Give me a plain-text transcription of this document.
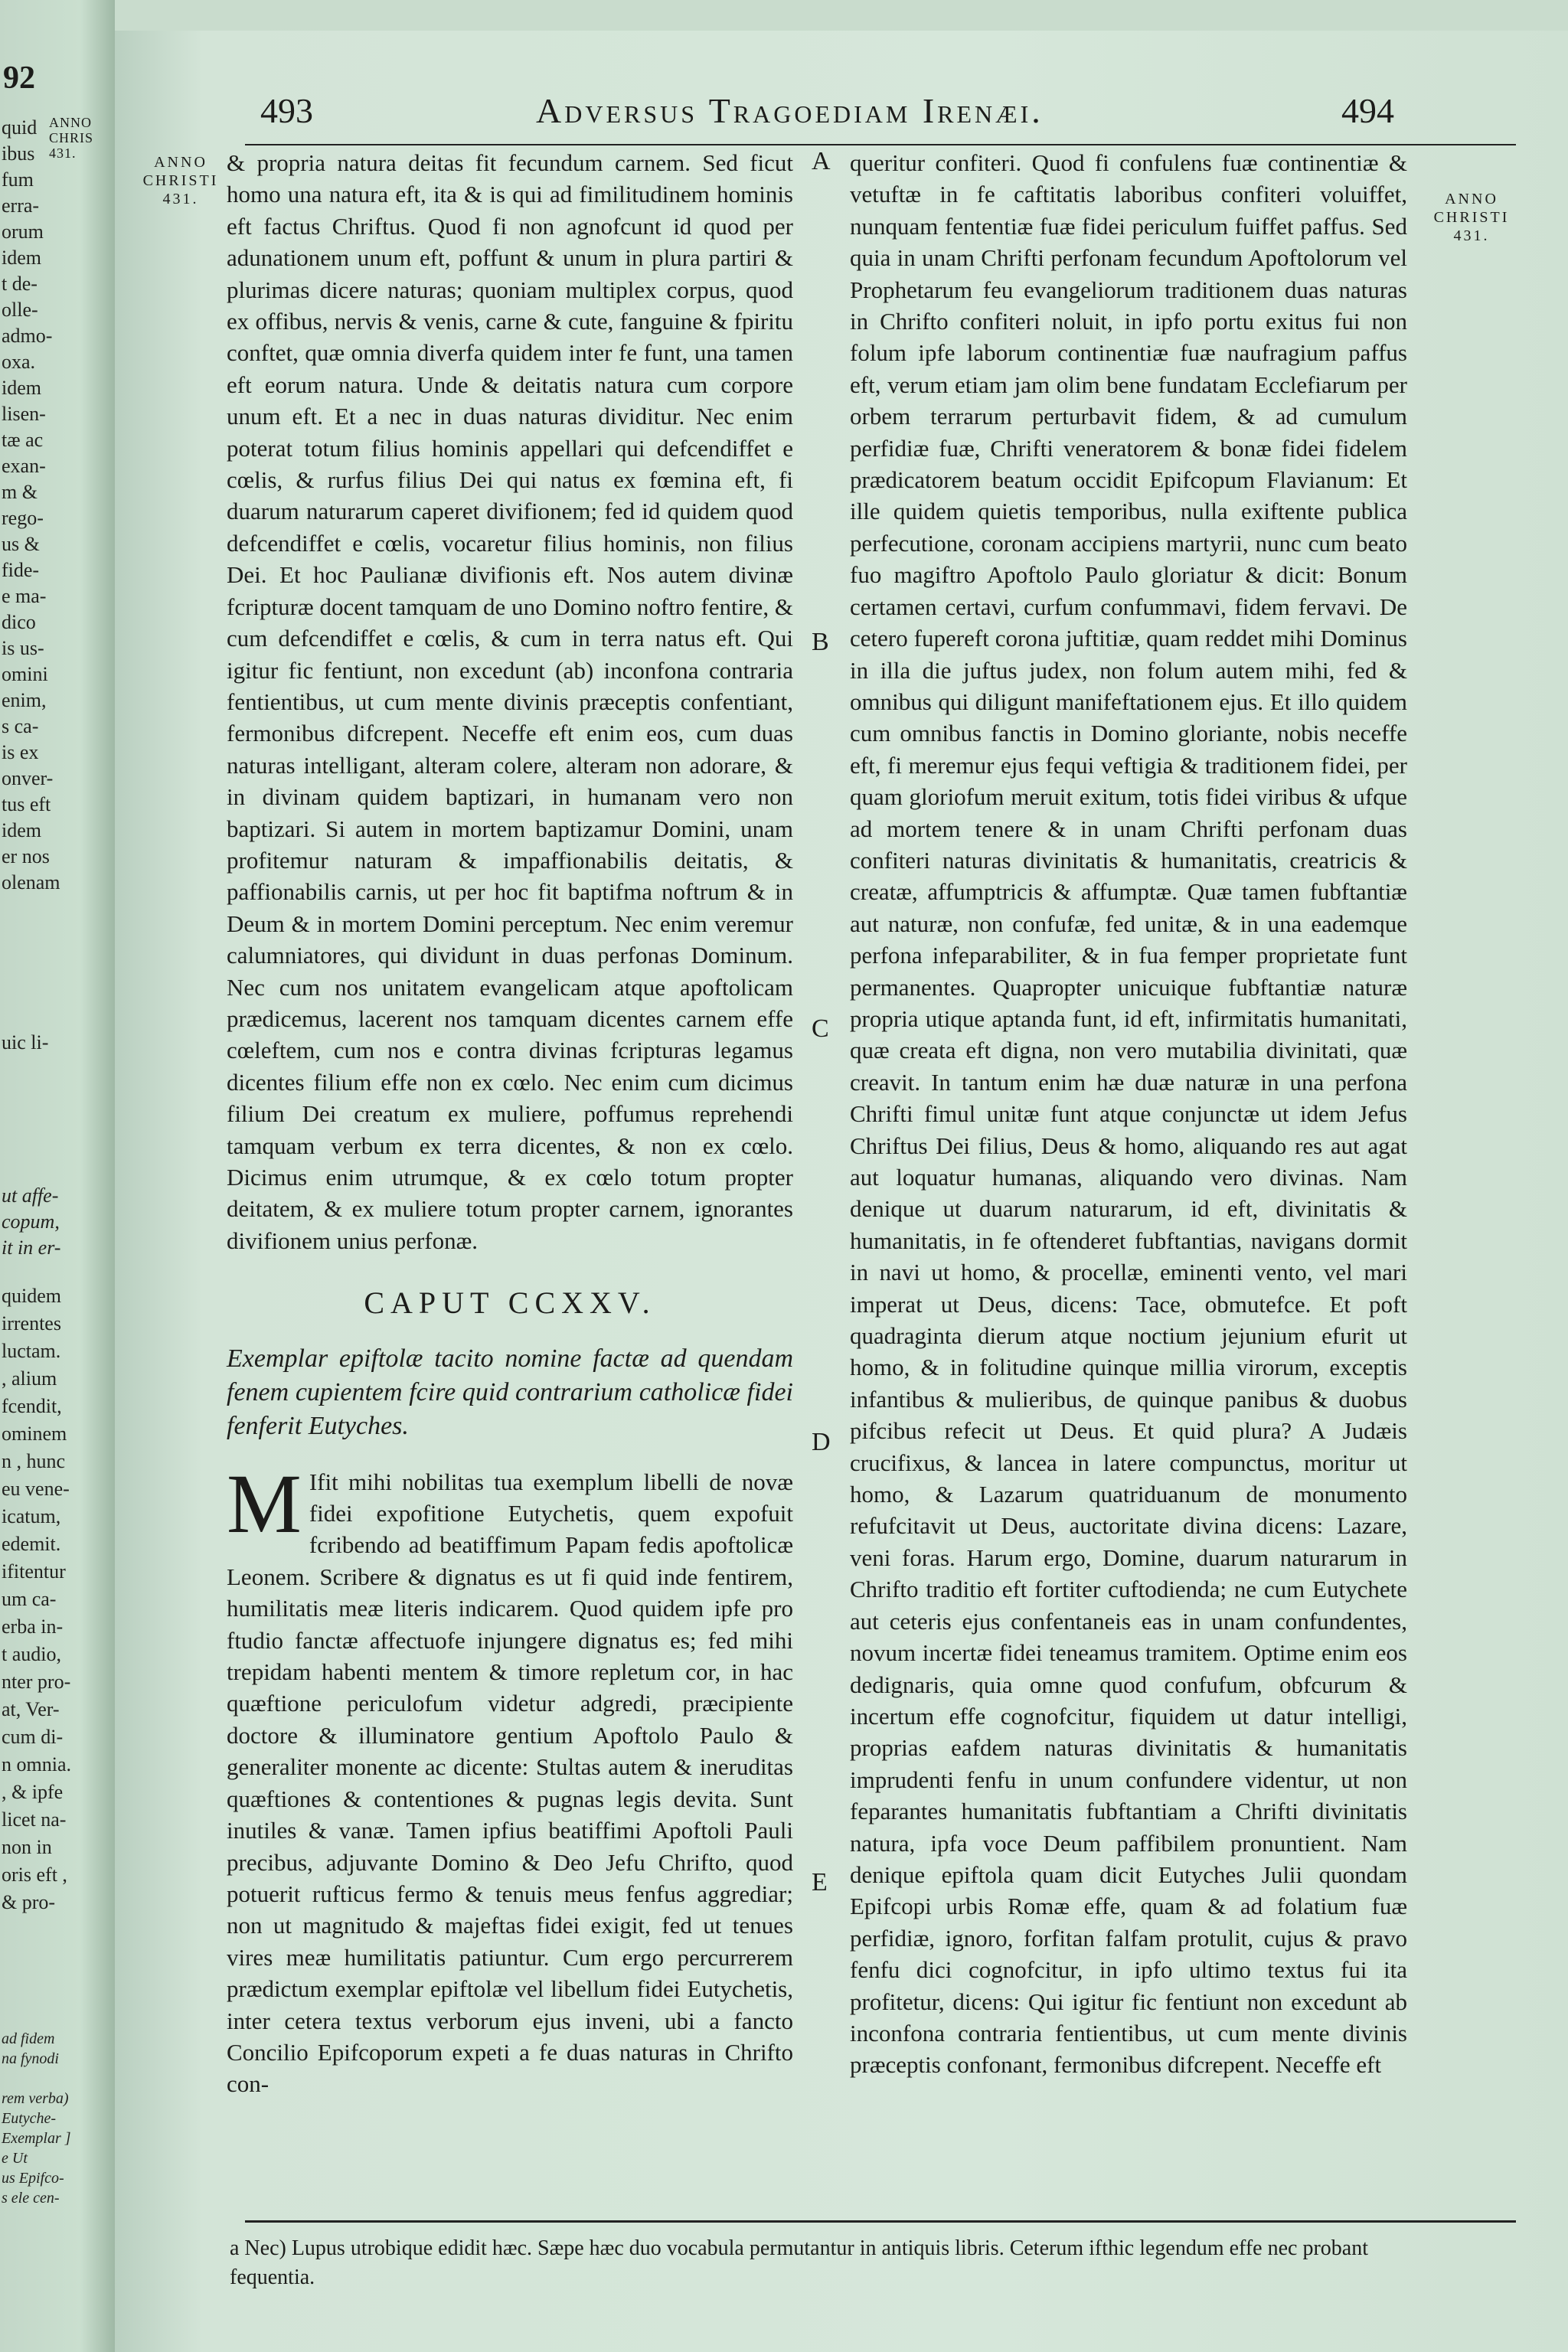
92
ANNO CHRIS 431.
quid
ibus
fum
erra-
orum
idem
t de-
olle-
admo-
oxa.
idem
lisen-
tæ ac
exan-
m &
rego-
us &
fide-
e ma-
dico
is us-
omini
enim,
s ca-
is ex
onver-
tus eft
idem
er nos
olenam
uic li-
ut affe-
copum,
it in er-
quidem
irrentes
luctam.
, alium
fcendit,
ominem
n , hunc
eu vene-
icatum,
edemit.
ifitentur
um ca-
erba in-
t audio,
nter pro-
at, Ver-
cum di-
n omnia.
, & ipfe
licet na-
non in
oris eft ,
& pro-
ad fidem
na fynodi

rem verba)
Eutyche-
Exemplar ]
e Ut
us Epifco-
s ele cen-
493	Adversus Tragoediam Irenæi.	494
ANNO CHRISTI 431.	ANNO CHRISTI 431.
A
B
C
D
E

& propria natura deitas fit fecundum carnem. Sed ficut homo una natura eft, ita & is qui ad fimilitudinem hominis eft factus Chriftus. Quod fi non agnofcunt id quod per adunationem unum eft, poffunt & unum in plura partiri & plurimas dicere naturas; quoniam multiplex corpus, quod ex offibus, nervis & venis, carne & cute, fanguine & fpiritu conftet, quæ omnia diverfa quidem inter fe funt, una tamen eft eorum natura. Unde & deitatis natura cum corpore unum eft. Et a nec in duas naturas dividitur. Nec enim poterat totum filius hominis appellari qui defcendiffet e cœlis, & rurfus filius Dei qui natus ex fœmina eft, fi duarum naturarum caperet divifionem; fed id quidem quod defcendiffet e cœlis, vocaretur filius hominis, non filius Dei. Et hoc Paulianæ divifionis eft. Nos autem divinæ fcripturæ docent tamquam de uno Domino noftro fentire, & cum defcendiffet e cœlis, & cum in terra natus eft. Qui igitur fic fentiunt, non excedunt (ab) inconfona contraria fentientibus, ut cum mente divinis præceptis confentiant, fermonibus difcrepent. Neceffe eft enim eos, cum duas naturas intelligant, alteram colere, alteram non adorare, & in divinam quidem baptizari, in humanam vero non baptizari. Si autem in mortem baptizamur Domini, unam profitemur naturam & impaffionabilis deitatis, & paffionabilis carnis, ut per hoc fit baptifma noftrum & in Deum & in mortem Domini perceptum. Nec enim veremur calumniatores, qui dividunt in duas perfonas Dominum. Nec cum nos unitatem evangelicam atque apoftolicam prædicemus, lacerent nos tamquam dicentes carnem effe cœleftem, cum nos e contra divinas fcripturas legamus dicentes filium effe non ex cœlo. Nec enim cum dicimus filium Dei creatum ex muliere, poffumus reprehendi tamquam verbum ex terra dicentes, & non ex cœlo. Dicimus enim utrumque, & ex cœlo totum propter deitatem, & ex muliere totum propter carnem, ignorantes divifionem unius perfonæ.

CAPUT CCXXV.
Exemplar epiftolæ tacito nomine factæ ad quendam fenem cupientem fcire quid contrarium catholicæ fidei fenferit Eutyches.

M Ifit mihi nobilitas tua exemplum libelli de novæ fidei expofitione Eutychetis, quem expofuit fcribendo ad beatiffimum Papam fedis apoftolicæ Leonem. Scribere & dignatus es ut fi quid inde fentirem, humilitatis meæ literis indicarem. Quod quidem ipfe pro ftudio fanctæ affectuofe injungere dignatus es; fed mihi trepidam habenti mentem & timore repletum cor, in hac quæftione periculofum videtur adgredi, præcipiente doctore & illuminatore gentium Apoftolo Paulo & generaliter monente ac dicente: Stultas autem & ineruditas quæftiones & contentiones & pugnas legis devita. Sunt inutiles & vanæ. Tamen ipfius beatiffimi Apoftoli Pauli precibus, adjuvante Domino & Deo Jefu Chrifto, quod potuerit rufticus fermo & tenuis meus fenfus aggrediar; non ut magnitudo & majeftas fidei exigit, fed ut tenues vires meæ humilitatis patiuntur. Cum ergo percurrerem prædictum exemplar epiftolæ vel libellum fidei Eutychetis, inter cetera textus verborum ejus inveni, ubi a fancto Concilio Epifcoporum expeti a fe duas naturas in Chrifto con-

queritur confiteri. Quod fi confulens fuæ continentiæ & vetuftæ in fe caftitatis laboribus confiteri voluiffet, nunquam fententiæ fuæ fidei periculum fuiffet paffus. Sed quia in unam Chrifti perfonam fecundum Apoftolorum vel Prophetarum feu evangeliorum traditionem duas naturas in Chrifto confiteri noluit, in ipfo portu exitus fui non folum ipfe laborum continentiæ fuæ naufragium paffus eft, verum etiam jam olim bene fundatam Ecclefiarum per orbem terrarum perturbavit fidem, & ad cumulum perfidiæ fuæ, Chrifti veneratorem & bonæ fidei fidelem prædicatorem beatum occidit Epifcopum Flavianum: Et ille quidem quietis temporibus, nulla exiftente publica perfecutione, coronam accipiens martyrii, nunc cum beato fuo magiftro Apoftolo Paulo gloriatur & dicit: Bonum certamen certavi, curfum confummavi, fidem fervavi. De cetero fupereft corona juftitiæ, quam reddet mihi Dominus in illa die juftus judex, non folum autem mihi, fed & omnibus qui diligunt manifeftationem ejus. Et illo quidem cum omnibus fanctis in Domino gloriante, nobis neceffe eft, fi meremur ejus fequi veftigia & traditionem fidei, per quam gloriofum meruit exitum, totis fidei viribus & ufque ad mortem tenere & in unam Chrifti perfonam duas confiteri naturas divinitatis & humanitatis, creatricis & creatæ, affumptricis & affumptæ. Quæ tamen fubftantiæ aut naturæ, non confufæ, fed unitæ, & in una eademque perfona infeparabiliter, & in fua femper proprietate funt permanentes. Quapropter unicuique fubftantiæ naturæ propria utique aptanda funt, id eft, infirmitatis humanitati, quæ creata eft digna, non vero mutabilia divinitati, quæ creavit. In tantum enim hæ duæ naturæ in una perfona Chrifti fimul unitæ funt atque conjunctæ ut idem Jefus Chriftus Dei filius, Deus & homo, aliquando res aut agat aut loquatur humanas, aliquando vero divinas. Nam denique ut duarum naturarum, id eft, divinitatis & humanitatis, in fe oftenderet fubftantias, navigans dormit in navi ut homo, & procellæ, eminenti vento, vel mari imperat ut Deus, dicens: Tace, obmutefce. Et poft quadraginta dierum atque noctium jejunium efurit ut homo, & in folitudine quinque millia virorum, exceptis infantibus & mulieribus, de quinque panibus & duobus pifcibus refecit ut Deus. Et quid plura? A Judæis crucifixus, & lancea in latere compunctus, moritur ut homo, & Lazarum quatriduanum de monumento refufcitavit ut Deus, auctoritate divina dicens: Lazare, veni foras. Harum ergo, Domine, duarum naturarum in Chrifto traditio eft fortiter cuftodienda; ne cum Eutychete aut ceteris ejus confentaneis eas in unam confundentes, novum incertæ fidei teneamus tramitem. Optime enim eos dedignaris, quia omne quod confufum, obfcurum & incertum effe cognofcitur, fiquidem ut datur intelligi, proprias eafdem naturas divinitatis & humanitatis imprudenti fenfu in unum confundere videntur, ut non feparantes humanitatis fubftantiam a Chrifti divinitatis natura, ipfa voce Deum paffibilem pronuntient. Nam denique epiftola quam dicit Eutyches Julii quondam Epifcopi urbis Romæ effe, quam & ad folatium fuæ perfidiæ, ignoro, forfitan falfam protulit, cujus & pravo fenfu dici cognofcitur, in ipfo ultimo textus fui ita profitetur, dicens: Qui igitur fic fentiunt non excedunt ab inconfona contraria fentientibus, ut cum mente divinis præceptis confonant, fermonibus difcrepent. Neceffe eft

a Nec) Lupus utrobique edidit hæc. Sæpe hæc duo vocabula permutantur in antiquis libris. Ceterum ifthic legendum effe nec probant fequentia.
